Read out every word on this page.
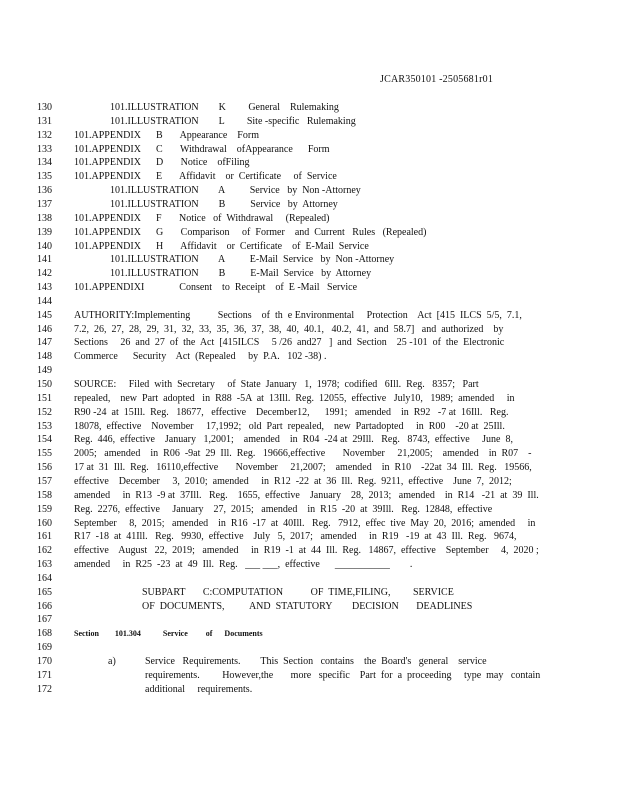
JCAR350101 -2505681r01
130	101.ILLUSTRATION        K         General    Rulemaking
131	101.ILLUSTRATION        L         Site -specific   Rulemaking
132 101.APPENDIX      B       Appearance    Form
133 101.APPENDIX      C       Withdrawal    ofAppearance      Form
134 101.APPENDIX      D       Notice    ofFiling
135 101.APPENDIX      E       Affidavit    or  Certificate     of  Service
136	101.ILLUSTRATION        A          Service   by  Non -Attorney
137	101.ILLUSTRATION        B          Service   by  Attorney
138 101.APPENDIX      F       Notice   of  Withdrawal     (Repealed)
139 101.APPENDIX      G       Comparison     of  Former    and  Current   Rules   (Repealed)
140 101.APPENDIX      H       Affidavit    or  Certificate    of  E-Mail  Service
141	101.ILLUSTRATION        A          E-Mail  Service   by  Non -Attorney
142	101.ILLUSTRATION        B          E-Mail  Service   by  Attorney
143 101.APPENDIXI              Consent    to  Receipt    of  E -Mail   Service
144
145 AUTHORITY:Implementing           Sections    of  th  e Environmental     Protection    Act  [415  ILCS  5/5,  7.1,
146 7.2,  26,  27,  28,  29,  31,  32,  33,  35,  36,  37,  38,  40,  40.1,   40.2,  41,  and  58.7]   and  authorized    by
147 Sections     26  and  27  of  the  Act  [415ILCS     5 /26  and27   ]  and  Section    25 -101  of  the  Electronic
148 Commerce      Security    Act  (Repealed     by  P.A.   102 -38) .
149
150 SOURCE:     Filed  with  Secretary     of  State  January   1,  1978;  codified   6Ill.  Reg.   8357;   Part
151 repealed,    new  Part  adopted   in  R88  -5A  at  13Ill.  Reg.  12055,  effective   July10,   1989;  amended     in
152 R90 -24  at  15Ill.  Reg.   18677,   effective    December12,      1991;   amended    in  R92   -7 at  16Ill.   Reg.
153 18078,  effective    November     17,1992;   old  Part  repealed,    new  Partadopted     in  R00    -20 at  25Ill.
154 Reg.  446,  effective    January   1,2001;    amended    in  R04  -24 at  29Ill.   Reg.   8743,  effective     June  8,
155 2005;   amended    in  R06  -9at  29  Ill.  Reg.   19666,effective       November     21,2005;    amended    in  R07    -
156 17 at  31  Ill.  Reg.   16110,effective       November     21,2007;    amended    in  R10    -22at  34  Ill.  Reg.   19566,
157 effective    December     3,  2010;  amended     in  R12  -22  at  36  Ill.  Reg.  9211,  effective    June  7,  2012;
158 amended     in  R13  -9 at  37Ill.   Reg.    1655,  effective    January    28,  2013;   amended    in  R14   -21  at  39  Ill.
159 Reg.  2276,  effective     January    27,  2015;   amended    in  R15  -20  at  39Ill.   Reg.  12848,  effective
160 September     8,  2015;   amended    in  R16  -17  at  40Ill.   Reg.   7912,  effec  tive  May  20,  2016;  amended     in
161 R17  -18  at  41Ill.   Reg.   9930,  effective    July   5,  2017;   amended     in  R19   -19  at  43  Ill.  Reg.   9674,
162 effective    August   22,  2019;   amended     in  R19  -1  at  44  Ill.  Reg.   14867,  effective    September     4,  2020 ;
163 amended     in  R25  -23  at  49  Ill.  Reg.   ___ ___,  effective      ___________        .
164
165	SUBPART       C:COMPUTATION           OF  TIME,FILING,         SERVICE
166	OF  DOCUMENTS,          AND  STATUTORY        DECISION       DEADLINES
167
168	Section        101.304           Service         of      Documents
169
170	a)	Service   Requirements.        This  Section   contains    the  Board's   general    service
171	requirements.         However,the       more   specific    Part  for  a  proceeding     type  may   contain
172	additional     requirements.
